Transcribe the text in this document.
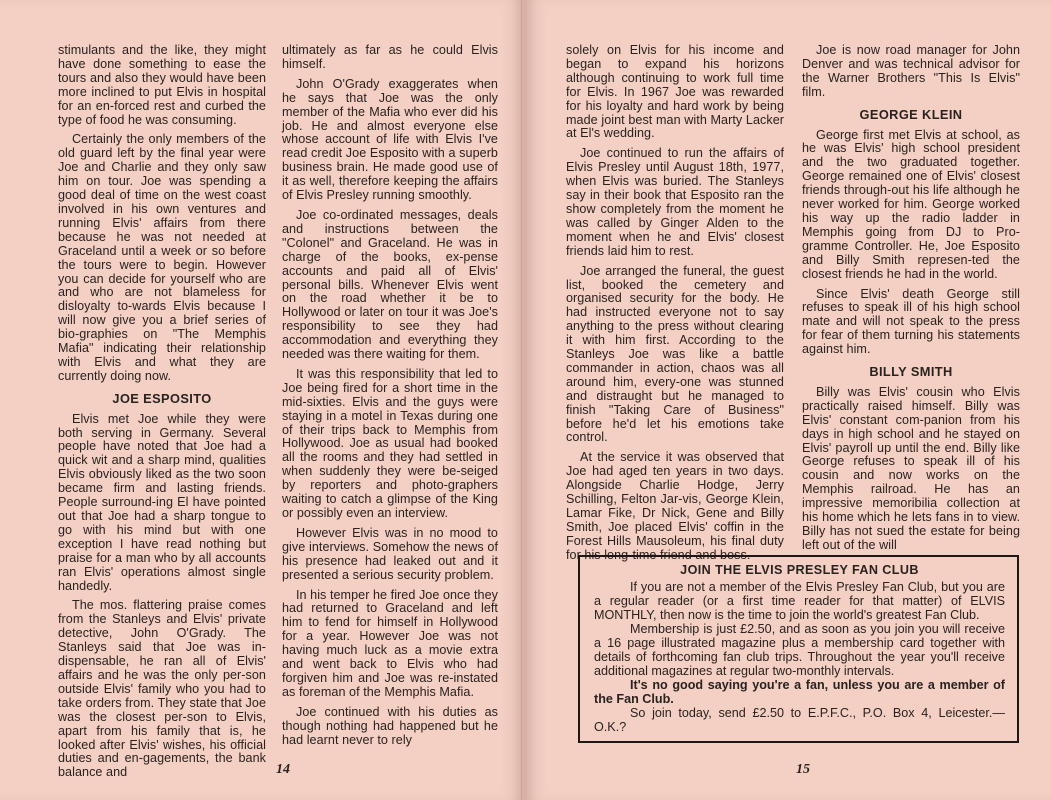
stimulants and the like, they might have done something to ease the tours and also they would have been more inclined to put Elvis in hospital for an en-forced rest and curbed the type of food he was consuming.

Certainly the only members of the old guard left by the final year were Joe and Charlie and they only saw him on tour. Joe was spending a good deal of time on the west coast involved in his own ventures and running Elvis' affairs from there because he was not needed at Graceland until a week or so before the tours were to begin. However you can decide for yourself who are and who are not blameless for disloyalty to-wards Elvis because I will now give you a brief series of bio-graphies on "The Memphis Mafia" indicating their relationship with Elvis and what they are currently doing now.

JOE ESPOSITO

Elvis met Joe while they were both serving in Germany. Several people have noted that Joe had a quick wit and a sharp mind, qualities Elvis obviously liked as the two soon became firm and lasting friends. People surround-ing El have pointed out that Joe had a sharp tongue to go with his mind but with one exception I have read nothing but praise for a man who by all accounts ran Elvis' operations almost single handedly.

The mos. flattering praise comes from the Stanleys and Elvis' private detective, John O'Grady. The Stanleys said that Joe was in-dispensable, he ran all of Elvis' affairs and he was the only per-son outside Elvis' family who you had to take orders from. They state that Joe was the closest per-son to Elvis, apart from his family that is, he looked after Elvis' wishes, his official duties and en-gagements, the bank balance and

ultimately as far as he could Elvis himself.

John O'Grady exaggerates when he says that Joe was the only member of the Mafia who ever did his job. He and almost everyone else whose account of life with Elvis I've read credit Joe Esposito with a superb business brain. He made good use of it as well, therefore keeping the affairs of Elvis Presley running smoothly.

Joe co-ordinated messages, deals and instructions between the "Colonel" and Graceland. He was in charge of the books, ex-pense accounts and paid all of Elvis' personal bills. Whenever Elvis went on the road whether it be to Hollywood or later on tour it was Joe's responsibility to see they had accommodation and everything they needed was there waiting for them.

It was this responsibility that led to Joe being fired for a short time in the mid-sixties. Elvis and the guys were staying in a motel in Texas during one of their trips back to Memphis from Hollywood. Joe as usual had booked all the rooms and they had settled in when suddenly they were be-seiged by reporters and photo-graphers waiting to catch a glimpse of the King or possibly even an interview.

However Elvis was in no mood to give interviews. Somehow the news of his presence had leaked out and it presented a serious security problem.

In his temper he fired Joe once they had returned to Graceland and left him to fend for himself in Hollywood for a year. However Joe was not having much luck as a movie extra and went back to Elvis who had forgiven him and Joe was re-instated as foreman of the Memphis Mafia.

Joe continued with his duties as though nothing had happened but he had learnt never to rely

14	15

solely on Elvis for his income and began to expand his horizons although continuing to work full time for Elvis. In 1967 Joe was rewarded for his loyalty and hard work by being made joint best man with Marty Lacker at El's wedding.

Joe continued to run the affairs of Elvis Presley until August 18th, 1977, when Elvis was buried. The Stanleys say in their book that Esposito ran the show completely from the moment he was called by Ginger Alden to the moment when he and Elvis' closest friends laid him to rest.

Joe arranged the funeral, the guest list, booked the cemetery and organised security for the body. He had instructed everyone not to say anything to the press without clearing it with him first. According to the Stanleys Joe was like a battle commander in action, chaos was all around him, every-one was stunned and distraught but he managed to finish "Taking Care of Business" before he'd let his emotions take control.

At the service it was observed that Joe had aged ten years in two days. Alongside Charlie Hodge, Jerry Schilling, Felton Jar-vis, George Klein, Lamar Fike, Dr Nick, Gene and Billy Smith, Joe placed Elvis' coffin in the Forest Hills Mausoleum, his final duty for his long-time friend and boss.

Joe is now road manager for John Denver and was technical advisor for the Warner Brothers "This Is Elvis" film.

GEORGE KLEIN

George first met Elvis at school, as he was Elvis' high school president and the two graduated together. George remained one of Elvis' closest friends through-out his life although he never worked for him. George worked his way up the radio ladder in Memphis going from DJ to Pro-gramme Controller. He, Joe Esposito and Billy Smith represen-ted the closest friends he had in the world.

Since Elvis' death George still refuses to speak ill of his high school mate and will not speak to the press for fear of them turning his statements against him.

BILLY SMITH

Billy was Elvis' cousin who Elvis practically raised himself. Billy was Elvis' constant com-panion from his days in high school and he stayed on Elvis' payroll up until the end. Billy like George refuses to speak ill of his cousin and now works on the Memphis railroad. He has an impressive memoribilia collection at his home which he lets fans in to view. Billy has not sued the estate for being left out of the will

JOIN THE ELVIS PRESLEY FAN CLUB

If you are not a member of the Elvis Presley Fan Club, but you are a regular reader (or a first time reader for that matter) of ELVIS MONTHLY, then now is the time to join the world's greatest Fan Club.

Membership is just £2.50, and as soon as you join you will receive a 16 page illustrated magazine plus a membership card together with details of forthcoming fan club trips. Throughout the year you'll receive additional magazines at regular two-monthly intervals.

It's no good saying you're a fan, unless you are a member of the Fan Club.

So join today, send £2.50 to E.P.F.C., P.O. Box 4, Leicester.— O.K.?
